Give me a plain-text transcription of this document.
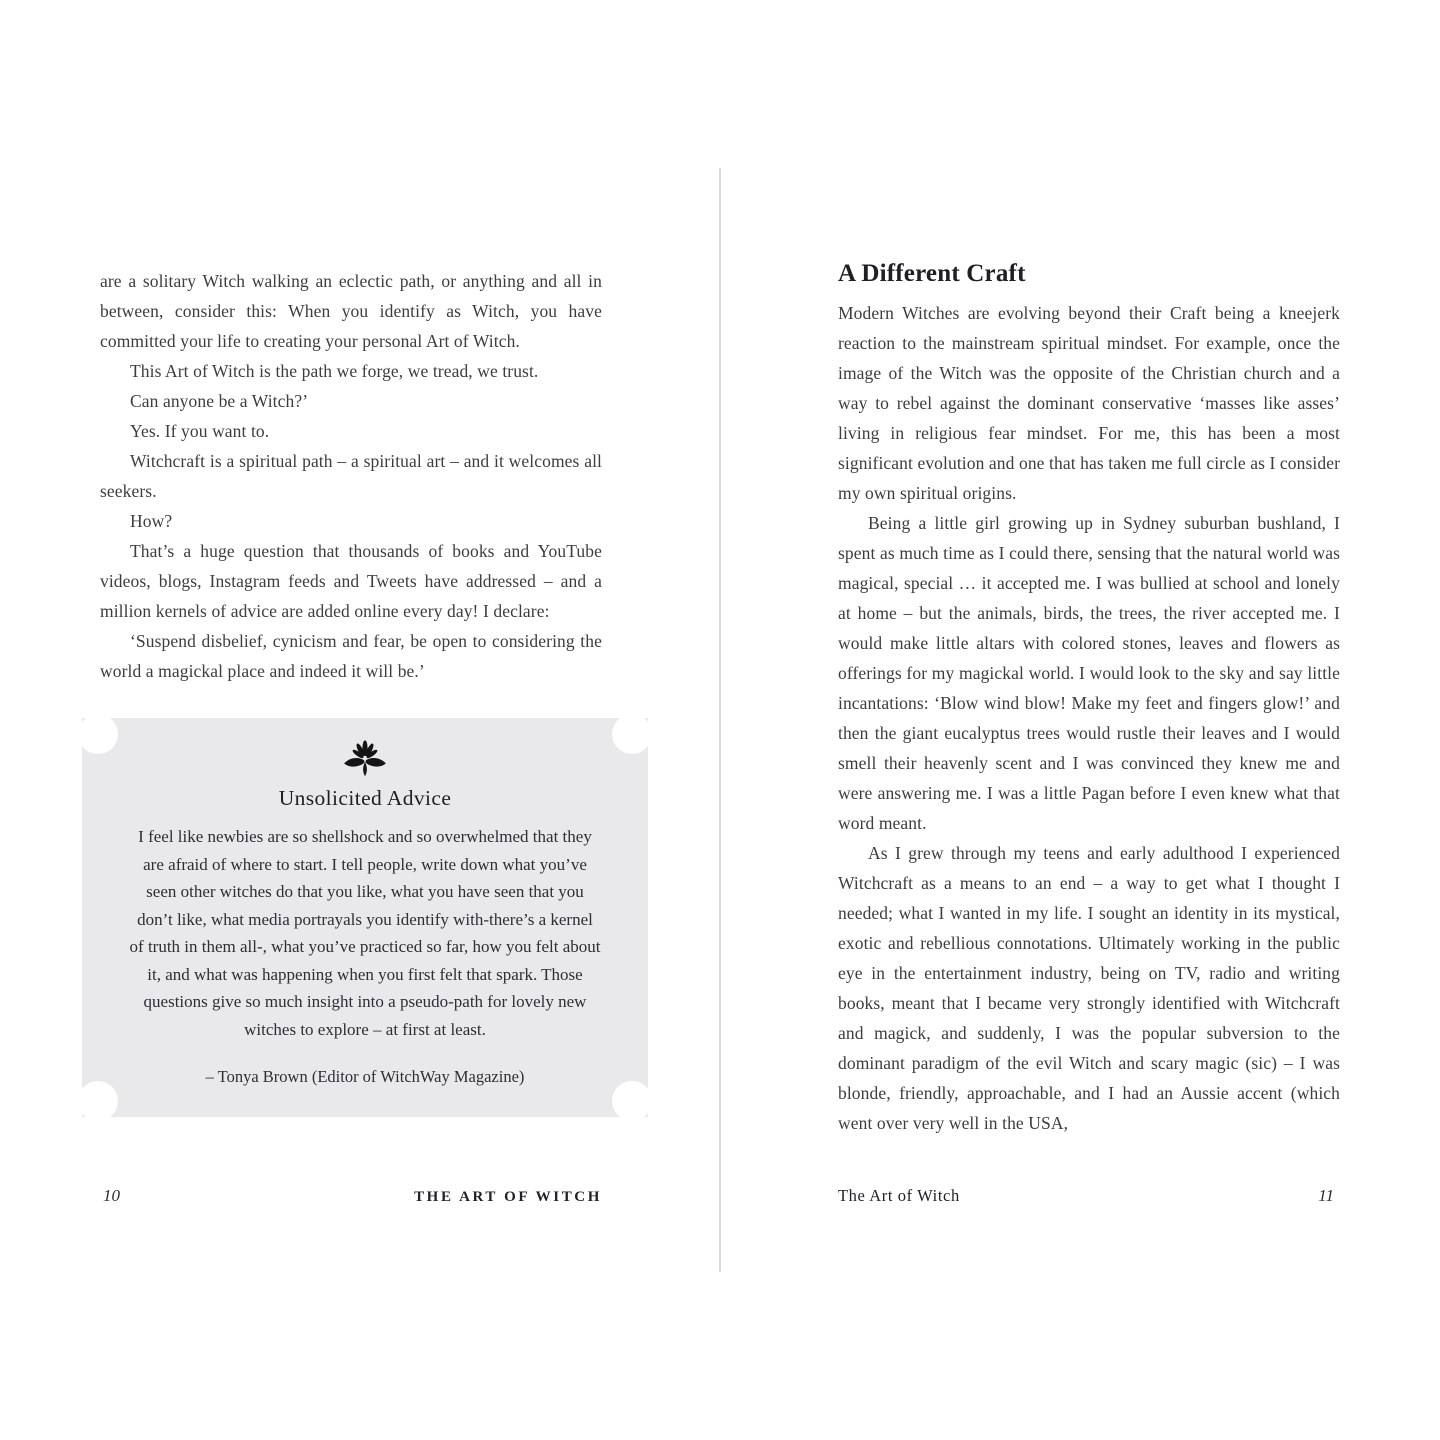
are a solitary Witch walking an eclectic path, or anything and all in between, consider this: When you identify as Witch, you have committed your life to creating your personal Art of Witch.

This Art of Witch is the path we forge, we tread, we trust.

Can anyone be a Witch?’

Yes. If you want to.

Witchcraft is a spiritual path – a spiritual art – and it welcomes all seekers.

How?

That’s a huge question that thousands of books and YouTube videos, blogs, Instagram feeds and Tweets have addressed – and a million kernels of advice are added online every day! I declare:

‘Suspend disbelief, cynicism and fear, be open to considering the world a magickal place and indeed it will be.’

Unsolicited Advice
I feel like newbies are so shellshock and so overwhelmed that they are afraid of where to start. I tell people, write down what you’ve seen other witches do that you like, what you have seen that you don’t like, what media portrayals you identify with-there’s a kernel of truth in them all-, what you’ve practiced so far, how you felt about it, and what was happening when you first felt that spark. Those questions give so much insight into a pseudo-path for lovely new witches to explore – at first at least.
– Tonya Brown (Editor of WitchWay Magazine)
10	THE ART OF WITCH
A Different Craft

Modern Witches are evolving beyond their Craft being a kneejerk reaction to the mainstream spiritual mindset. For example, once the image of the Witch was the opposite of the Christian church and a way to rebel against the dominant conservative ‘masses like asses’ living in religious fear mindset. For me, this has been a most significant evolution and one that has taken me full circle as I consider my own spiritual origins.

Being a little girl growing up in Sydney suburban bushland, I spent as much time as I could there, sensing that the natural world was magical, special … it accepted me. I was bullied at school and lonely at home – but the animals, birds, the trees, the river accepted me. I would make little altars with colored stones, leaves and flowers as offerings for my magickal world. I would look to the sky and say little incantations: ‘Blow wind blow! Make my feet and fingers glow!’ and then the giant eucalyptus trees would rustle their leaves and I would smell their heavenly scent and I was convinced they knew me and were answering me. I was a little Pagan before I even knew what that word meant.

As I grew through my teens and early adulthood I experienced Witchcraft as a means to an end – a way to get what I thought I needed; what I wanted in my life. I sought an identity in its mystical, exotic and rebellious connotations. Ultimately working in the public eye in the entertainment industry, being on TV, radio and writing books, meant that I became very strongly identified with Witchcraft and magick, and suddenly, I was the popular subversion to the dominant paradigm of the evil Witch and scary magic (sic) – I was blonde, friendly, approachable, and I had an Aussie accent (which went over very well in the USA,

The Art of Witch	11
